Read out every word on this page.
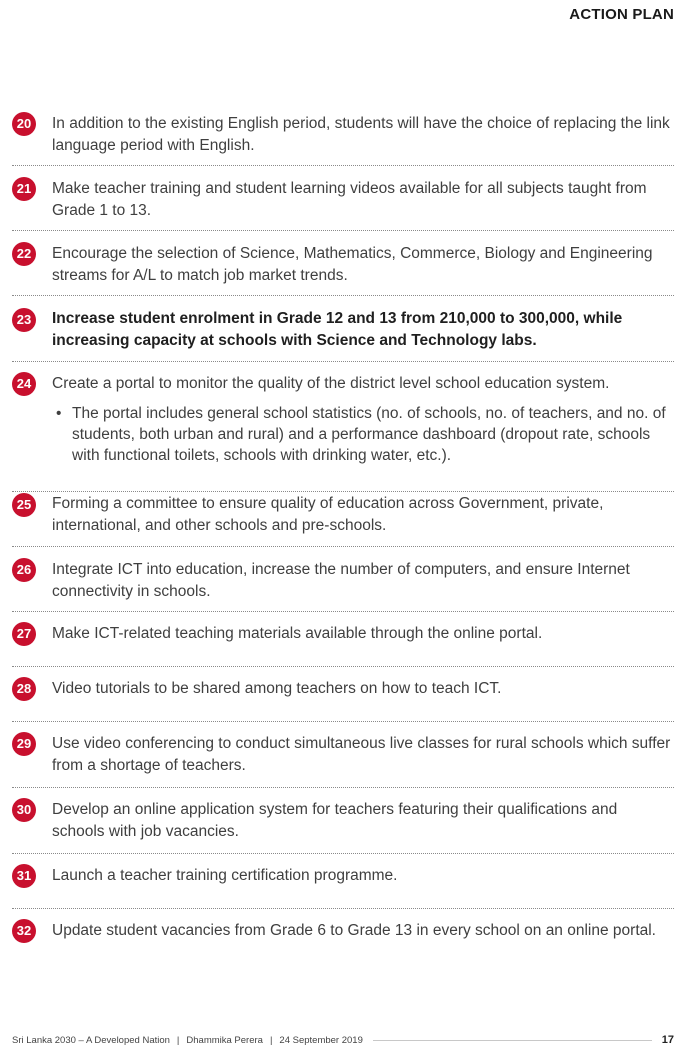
ACTION PLAN
20	In addition to the existing English period, students will have the choice of replacing the link language period with English.
21	Make teacher training and student learning videos available for all subjects taught from Grade 1 to 13.
22	Encourage the selection of Science, Mathematics, Commerce, Biology and Engineering streams for A/L to match job market trends.
23	Increase student enrolment in Grade 12 and 13 from 210,000 to 300,000, while increasing capacity at schools with Science and Technology labs.
24	Create a portal to monitor the quality of the district level school education system.
• The portal includes general school statistics (no. of schools, no. of teachers, and no. of students, both urban and rural) and a performance dashboard (dropout rate, schools with functional toilets, schools with drinking water, etc.).
25	Forming a committee to ensure quality of education across Government, private, international, and other schools and pre-schools.
26	Integrate ICT into education, increase the number of computers, and ensure Internet connectivity in schools.
27	Make ICT-related teaching materials available through the online portal.
28	Video tutorials to be shared among teachers on how to teach ICT.
29	Use video conferencing to conduct simultaneous live classes for rural schools which suffer from a shortage of teachers.
30	Develop an online application system for teachers featuring their qualifications and schools with job vacancies.
31	Launch a teacher training certification programme.
32	Update student vacancies from Grade 6 to Grade 13 in every school on an online portal.
Sri Lanka 2030 – A Developed Nation | Dhammika Perera | 24 September 2019	17
